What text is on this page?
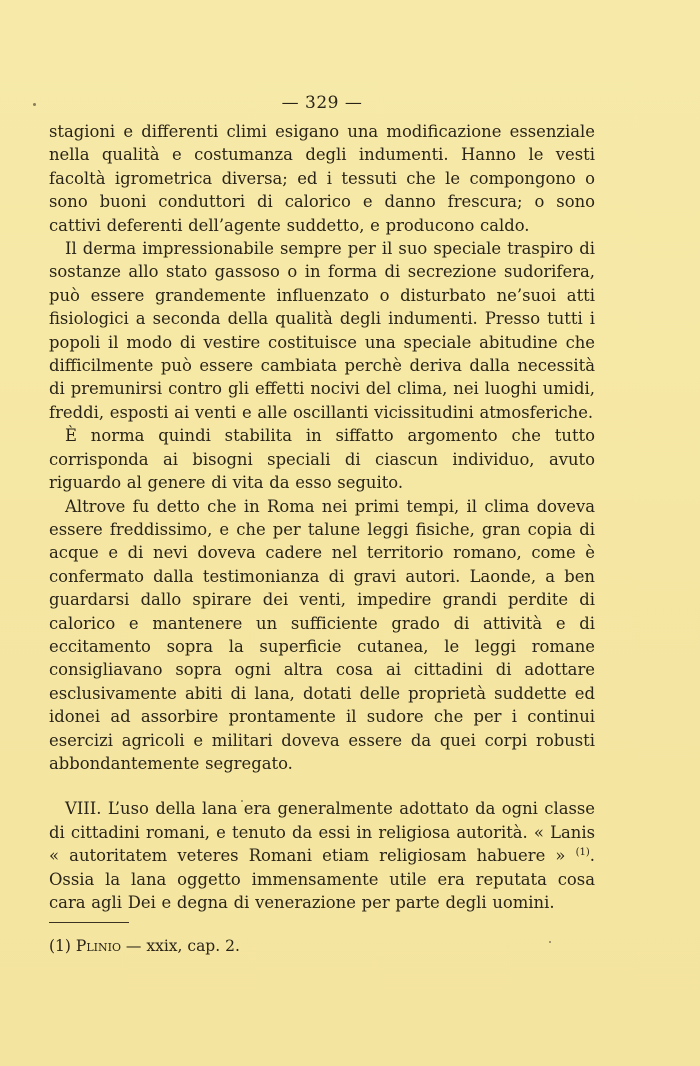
— 329 —

stagioni e differenti climi esigano una modificazione essenziale nella qualità e costumanza degli indumenti. Hanno le vesti facoltà igrometrica diversa; ed i tessuti che le compongono o sono buoni conduttori di calorico e danno frescura; o sono cattivi deferenti dell’agente suddetto, e producono caldo.

Il derma impressionabile sempre per il suo speciale traspiro di sostanze allo stato gassoso o in forma di secrezione sudorifera, può essere grandemente influenzato o disturbato ne’suoi atti fisiologici a seconda della qualità degli indumenti. Presso tutti i popoli il modo di vestire costituisce una speciale abitudine che difficilmente può essere cambiata perchè deriva dalla necessità di premunirsi contro gli effetti nocivi del clima, nei luoghi umidi, freddi, esposti ai venti e alle oscillanti vicissitudini atmosferiche.

È norma quindi stabilita in siffatto argomento che tutto corrisponda ai bisogni speciali di ciascun individuo, avuto riguardo al genere di vita da esso seguito.

Altrove fu detto che in Roma nei primi tempi, il clima doveva essere freddissimo, e che per talune leggi fisiche, gran copia di acque e di nevi doveva cadere nel territorio romano, come è confermato dalla testimonianza di gravi autori. Laonde, a ben guardarsi dallo spirare dei venti, impedire grandi perdite di calorico e mantenere un sufficiente grado di attività e di eccitamento sopra la superficie cutanea, le leggi romane consigliavano sopra ogni altra cosa ai cittadini di adottare esclusivamente abiti di lana, dotati delle proprietà suddette ed idonei ad assorbire prontamente il sudore che per i continui esercizi agricoli e militari doveva essere da quei corpi robusti abbondantemente segregato.

VIII. L’uso della lana era generalmente adottato da ogni classe di cittadini romani, e tenuto da essi in religiosa autorità. « Lanis « autoritatem veteres Romani etiam religiosam habuere » $^{(1)}$. Ossia la lana oggetto immensamente utile era reputata cosa cara agli Dei e degna di venerazione per parte degli uomini.

(1) Plinio — xxix, cap. 2.
